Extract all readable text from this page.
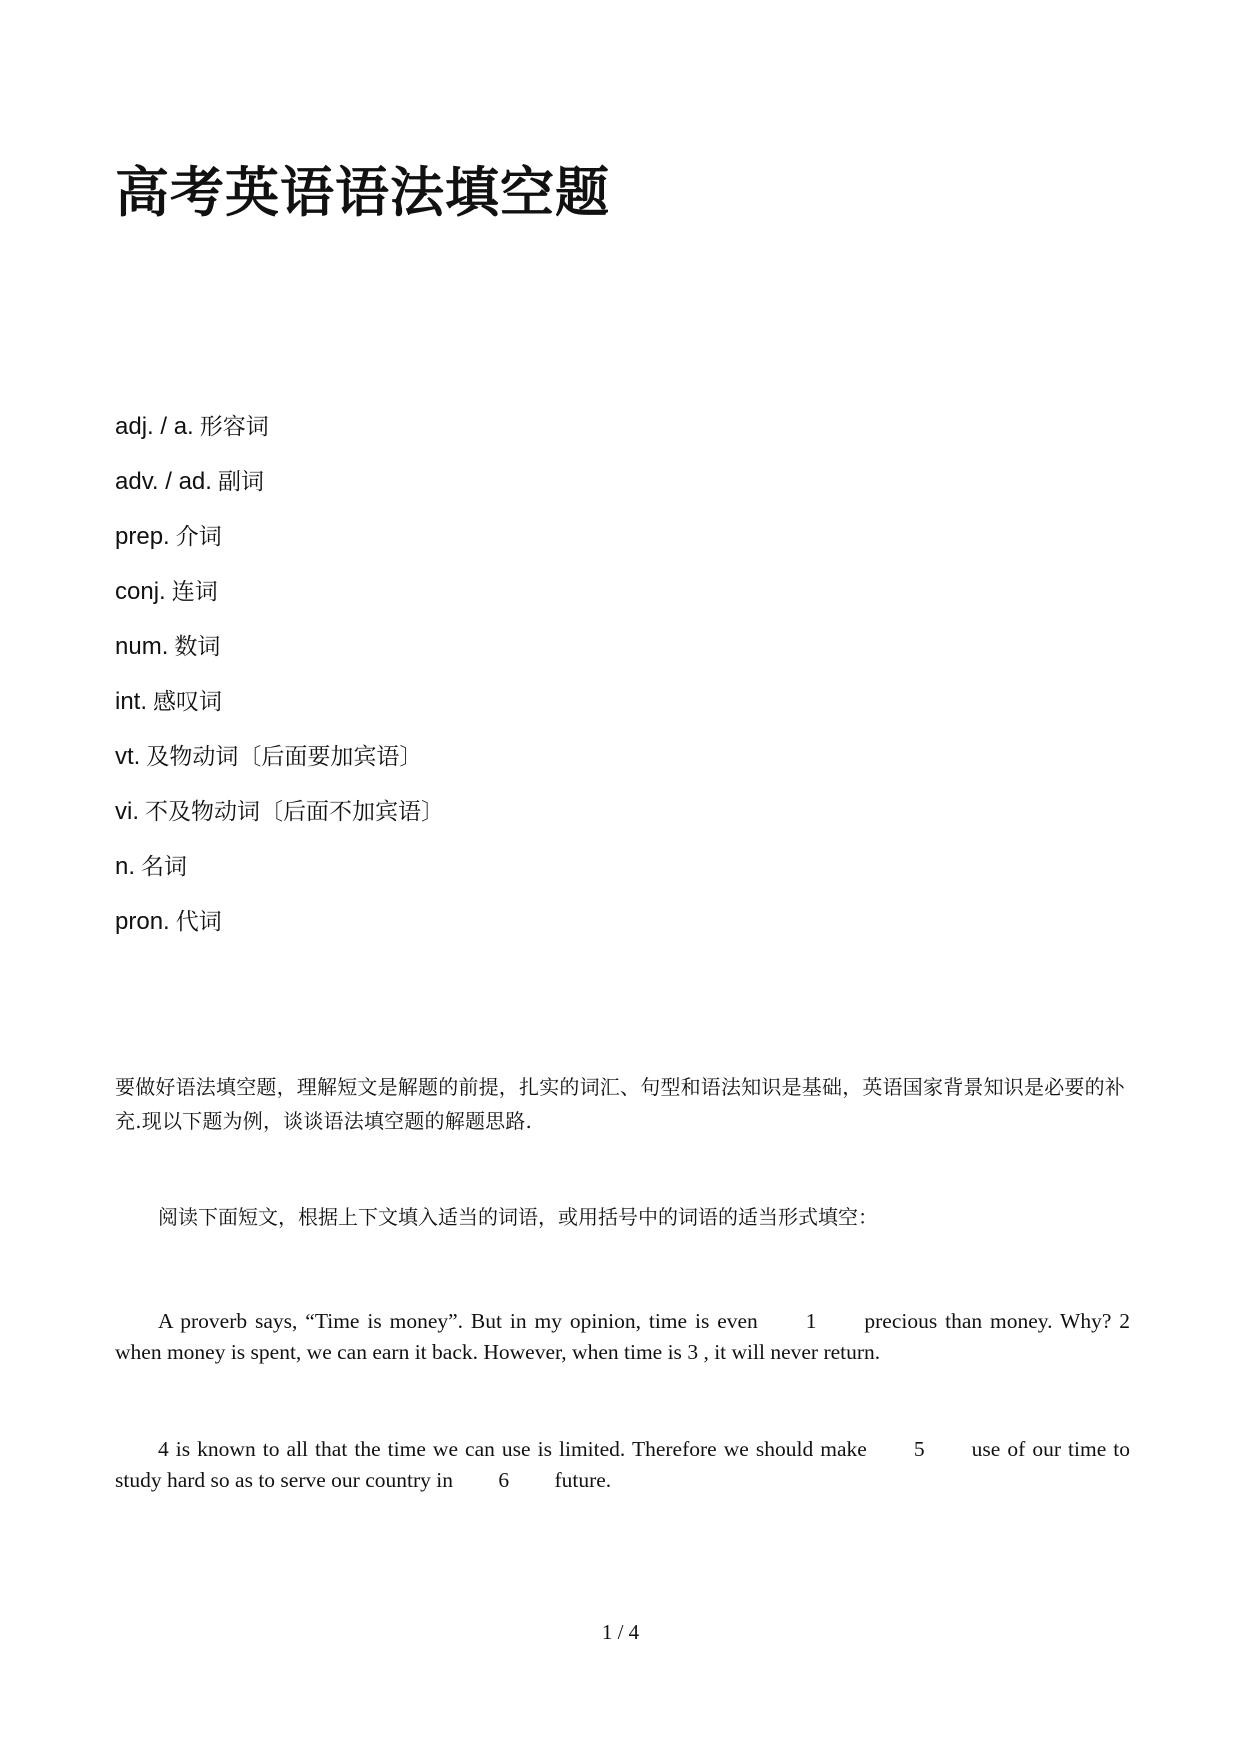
高考英语语法填空题
adj. / a. 形容词
adv. / ad. 副词
prep. 介词
conj. 连词
num. 数词
int. 感叹词
vt. 及物动词〔后面要加宾语〕
vi. 不及物动词〔后面不加宾语〕
n. 名词
pron. 代词

要做好语法填空题，理解短文是解题的前提，扎实的词汇、句型和语法知识是基础，英语国家背景知识是必要的补充.现以下题为例，谈谈语法填空题的解题思路.

阅读下面短文，根据上下文填入适当的词语，或用括号中的词语的适当形式填空：

A proverb says, “Time is money”. But in my opinion, time is even 1 precious than money. Why? 2 when money is spent, we can earn it back. However, when time is 3 , it will never return.

4 is known to all that the time we can use is limited. Therefore we should make 5 use of our time to study hard so as to serve our country in 6 future.

1 / 4
